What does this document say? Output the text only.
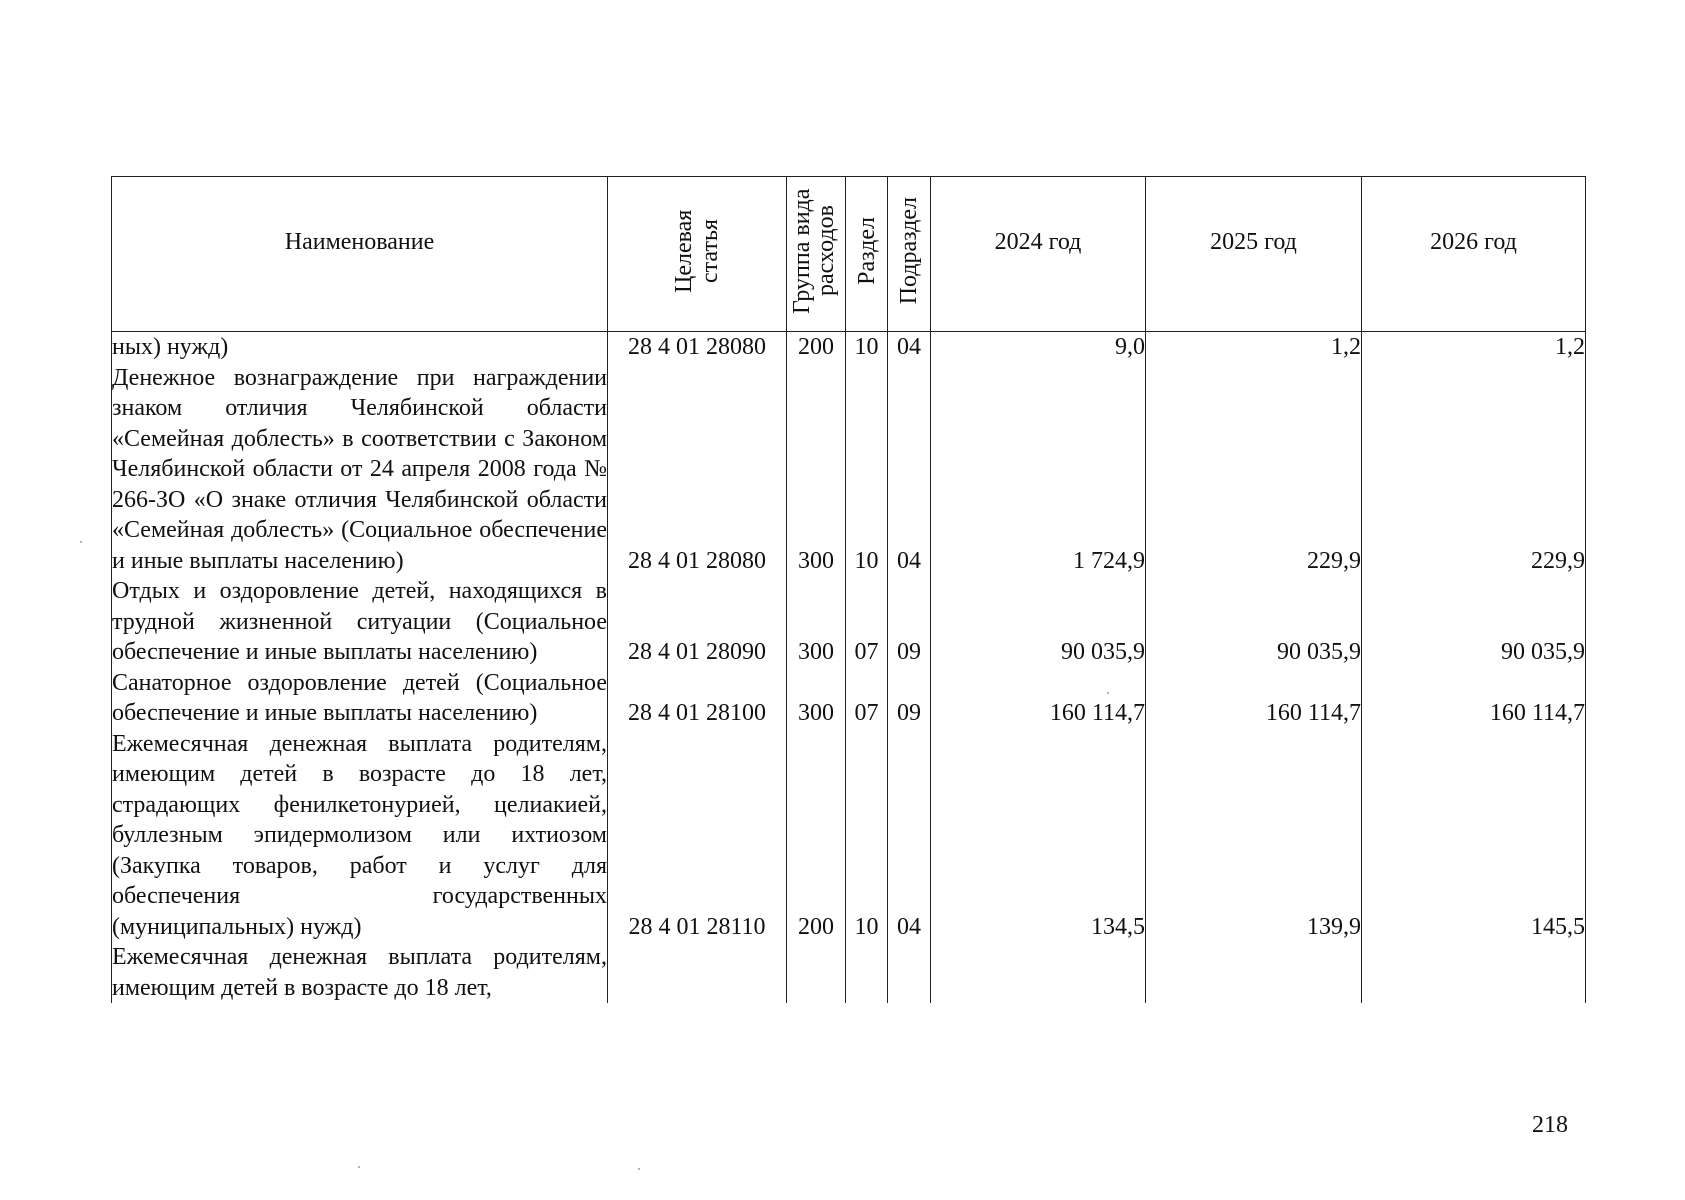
Наименование	Целевая статья	Группа вида расходов	Раздел	Подраздел	2024 год	2025 год	2026 год
ных) нужд)	28 4 01 28080	200	10	04	9,0	1,2	1,2
Денежное вознаграждение при награждении знаком отличия Челябинской области «Семейная доблесть» в соответствии с Законом Челябинской области от 24 апреля 2008 года № 266-ЗО «О знаке отличия Челябинской области «Семейная доблесть» (Социальное обеспечение и иные выплаты населению)	28 4 01 28080	300	10	04	1 724,9	229,9	229,9
Отдых и оздоровление детей, находящихся в трудной жизненной ситуации (Социальное обеспечение и иные выплаты населению)	28 4 01 28090	300	07	09	90 035,9	90 035,9	90 035,9
Санаторное оздоровление детей (Социальное обеспечение и иные выплаты населению)	28 4 01 28100	300	07	09	160 114,7	160 114,7	160 114,7
Ежемесячная денежная выплата родителям, имеющим детей в возрасте до 18 лет, страдающих фенилкетонурией, целиакией, буллезным эпидермолизом или ихтиозом (Закупка товаров, работ и услуг для обеспечения государственных (муниципальных) нужд)	28 4 01 28110	200	10	04	134,5	139,9	145,5
Ежемесячная денежная выплата родителям, имеющим детей в возрасте до 18 лет,							
218
